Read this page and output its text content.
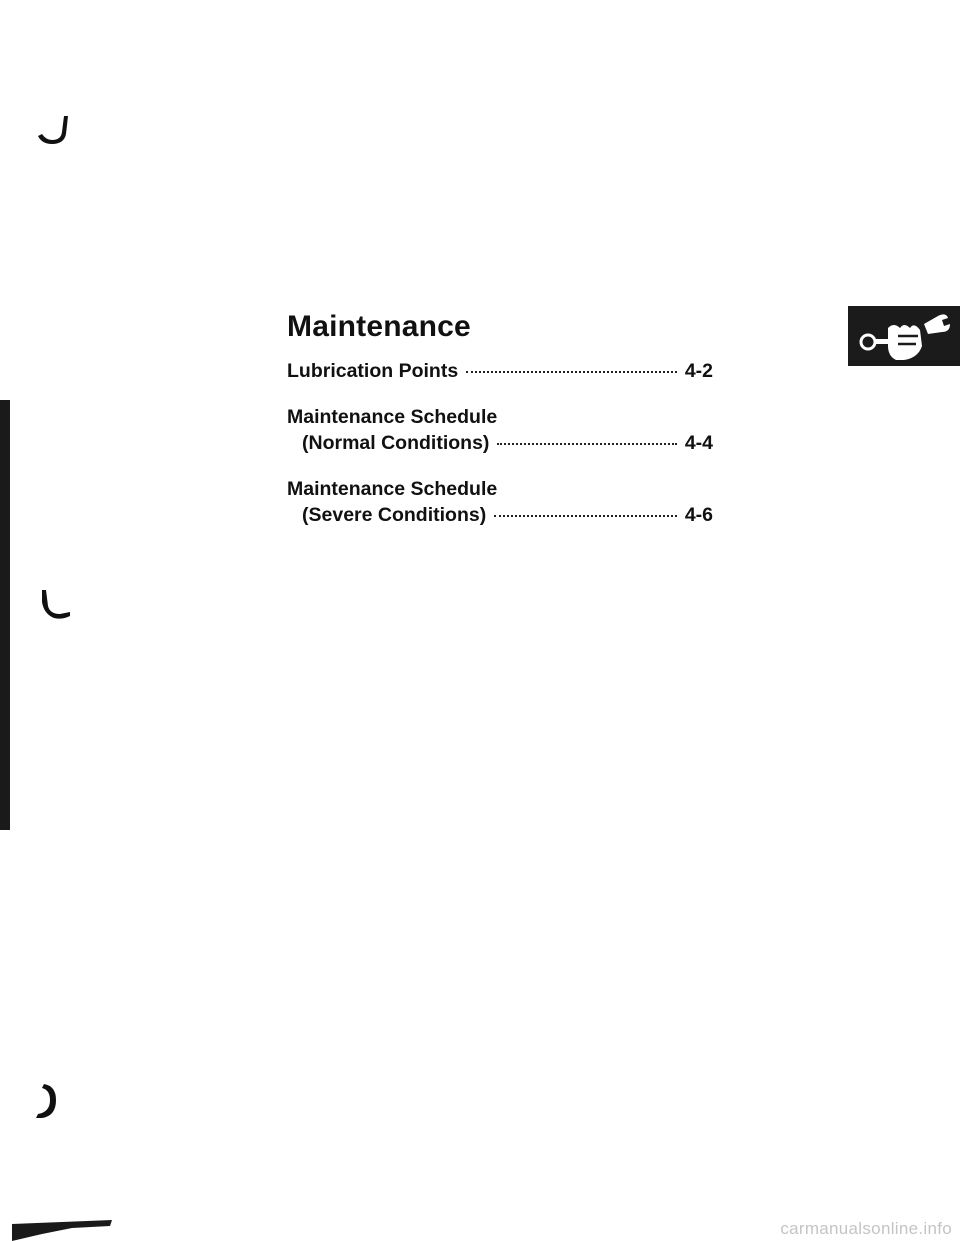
Maintenance
Lubrication Points	4-2
Maintenance Schedule
(Normal Conditions)	4-4
Maintenance Schedule
(Severe Conditions)	4-6
carmanualsonline.info
